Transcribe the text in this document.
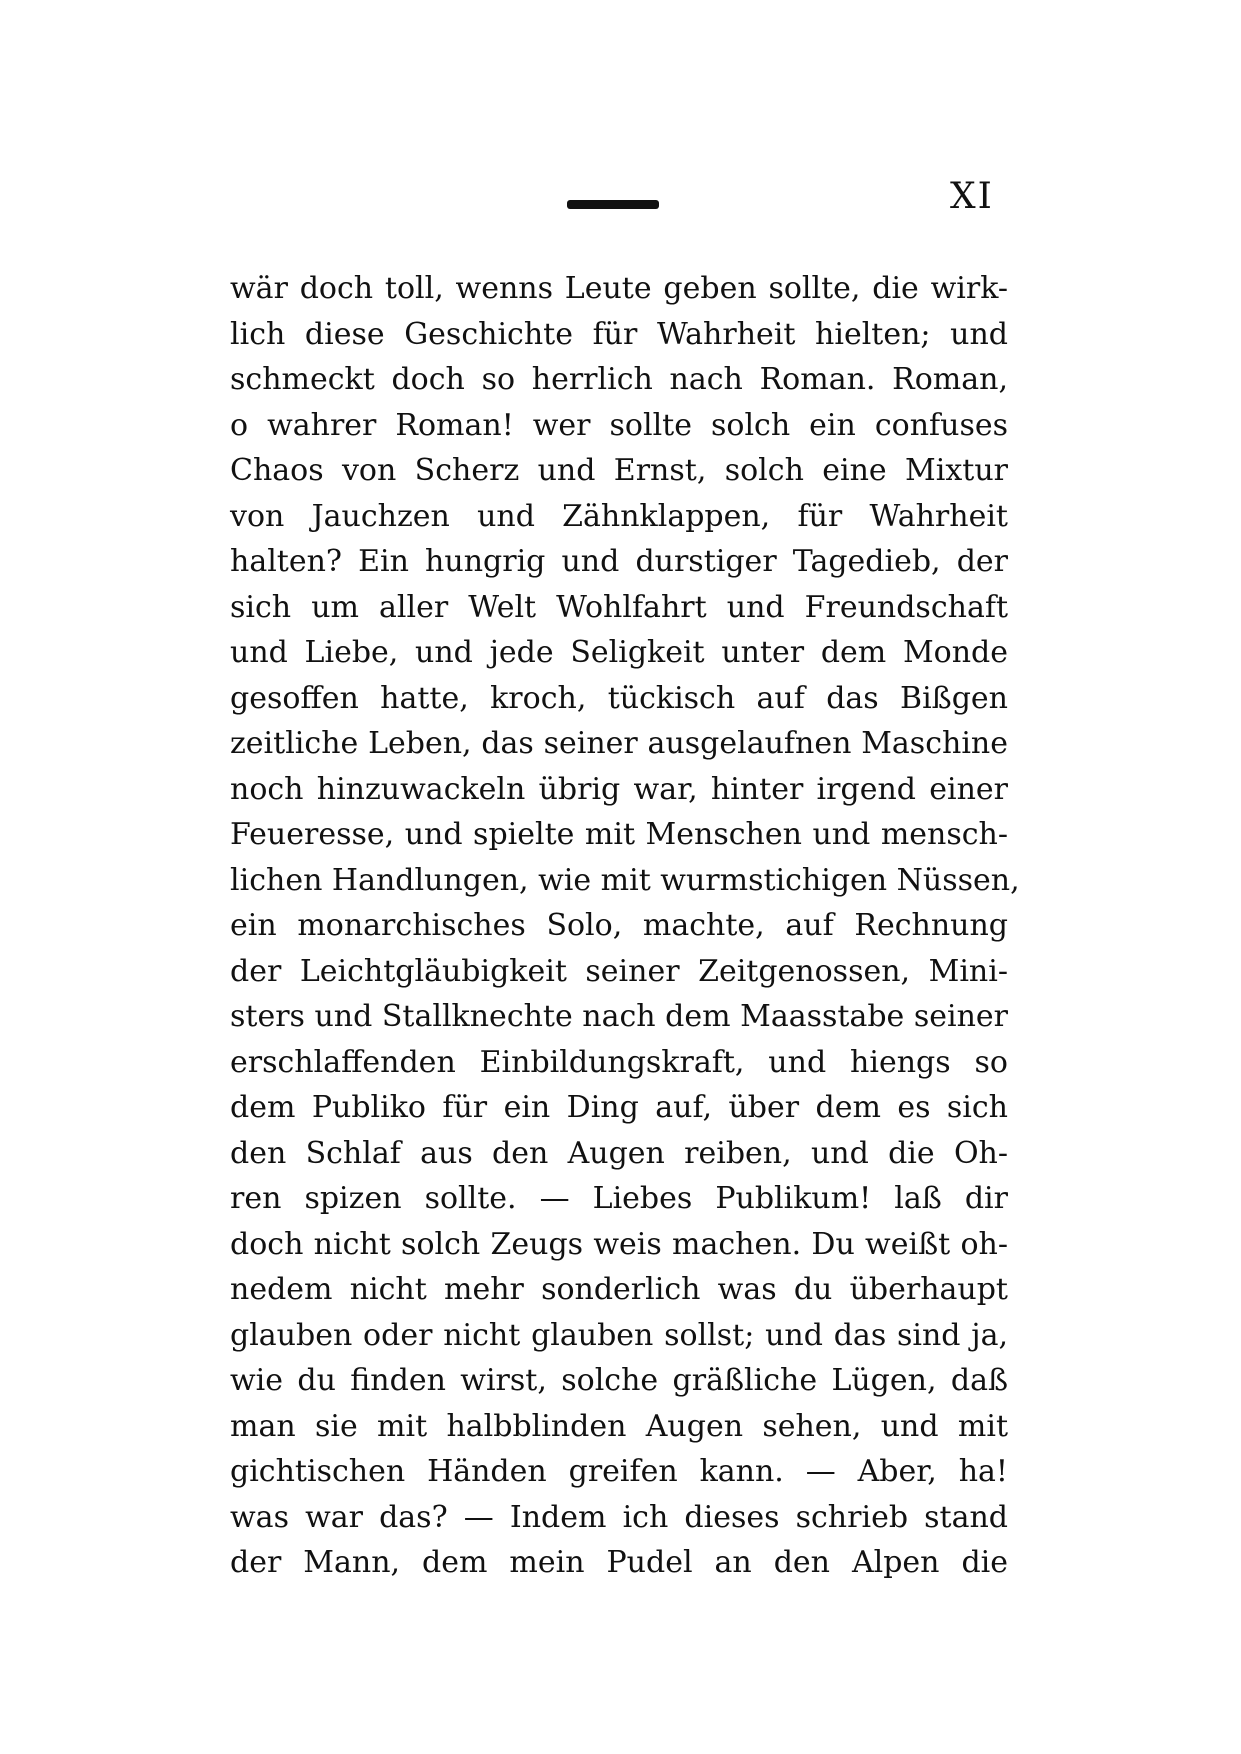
XI
wär doch toll, wenns Leute geben sollte, die wirk-
lich diese Geschichte für Wahrheit hielten; und
schmeckt doch so herrlich nach Roman. Roman,
o wahrer Roman! wer sollte solch ein confuses
Chaos von Scherz und Ernst, solch eine Mixtur
von Jauchzen und Zähnklappen, für Wahrheit
halten? Ein hungrig und durstiger Tagedieb, der
sich um aller Welt Wohlfahrt und Freundschaft
und Liebe, und jede Seligkeit unter dem Monde
gesoffen hatte, kroch, tückisch auf das Bißgen
zeitliche Leben, das seiner ausgelaufnen Maschine
noch hinzuwackeln übrig war, hinter irgend einer
Feueresse, und spielte mit Menschen und mensch-
lichen Handlungen, wie mit wurmstichigen Nüssen,
ein monarchisches Solo, machte, auf Rechnung
der Leichtgläubigkeit seiner Zeitgenossen, Mini-
sters und Stallknechte nach dem Maasstabe seiner
erschlaffenden Einbildungskraft, und hiengs so
dem Publiko für ein Ding auf, über dem es sich
den Schlaf aus den Augen reiben, und die Oh-
ren spizen sollte. — Liebes Publikum! laß dir
doch nicht solch Zeugs weis machen. Du weißt oh-
nedem nicht mehr sonderlich was du überhaupt
glauben oder nicht glauben sollst; und das sind ja,
wie du finden wirst, solche gräßliche Lügen, daß
man sie mit halbblinden Augen sehen, und mit
gichtischen Händen greifen kann. — Aber, ha!
was war das? — Indem ich dieses schrieb stand
der Mann, dem mein Pudel an den Alpen die
